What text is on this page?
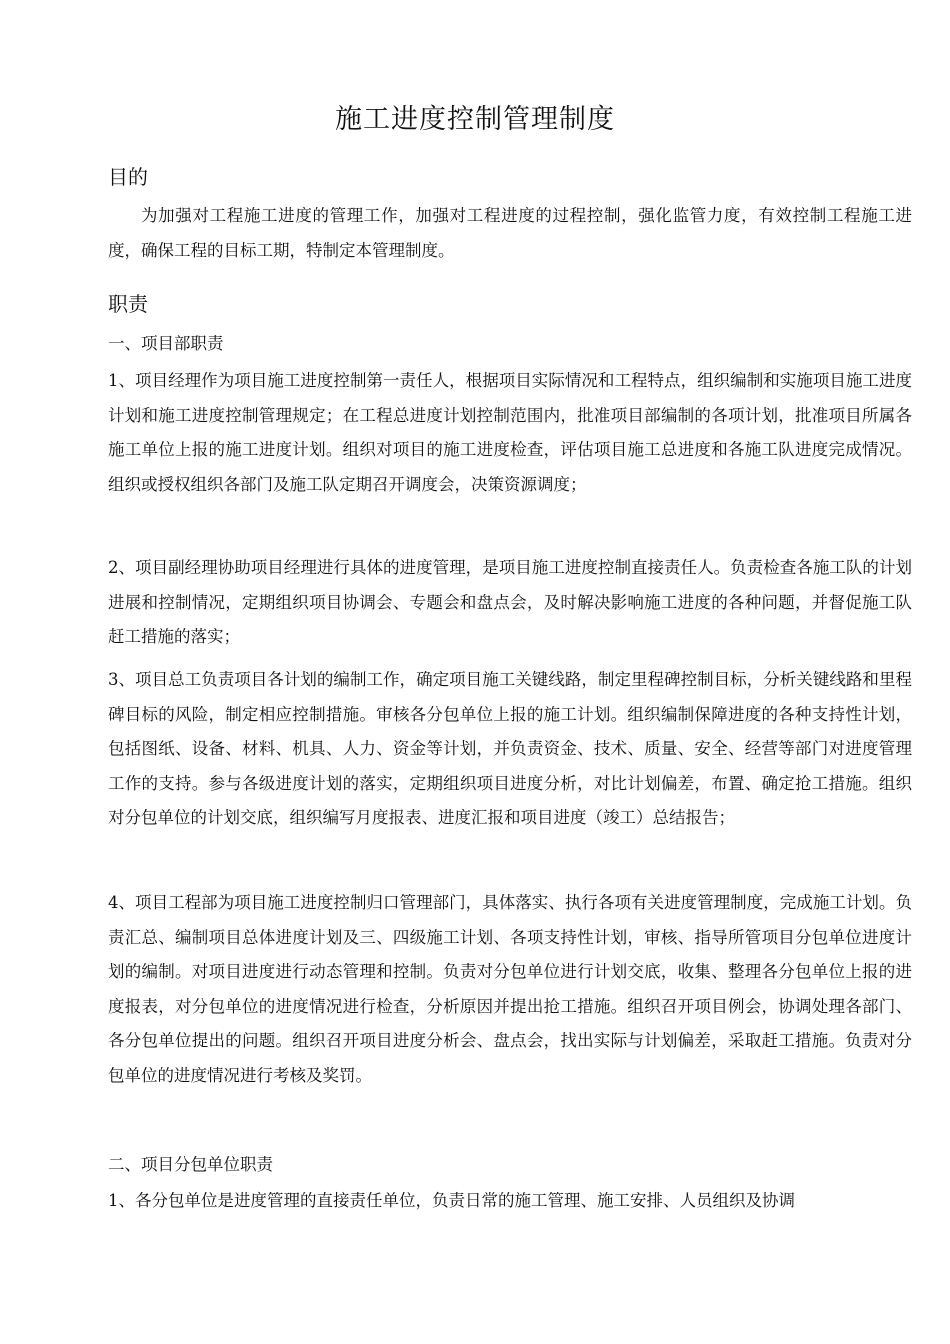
施工进度控制管理制度
目的
为加强对工程施工进度的管理工作，加强对工程进度的过程控制，强化监管力度，有效控制工程施工进度，确保工程的目标工期，特制定本管理制度。
职责
一、项目部职责
1、项目经理作为项目施工进度控制第一责任人，根据项目实际情况和工程特点，组织编制和实施项目施工进度计划和施工进度控制管理规定；在工程总进度计划控制范围内，批准项目部编制的各项计划，批准项目所属各施工单位上报的施工进度计划。组织对项目的施工进度检查，评估项目施工总进度和各施工队进度完成情况。组织或授权组织各部门及施工队定期召开调度会，决策资源调度；
2、项目副经理协助项目经理进行具体的进度管理，是项目施工进度控制直接责任人。负责检查各施工队的计划进展和控制情况，定期组织项目协调会、专题会和盘点会，及时解决影响施工进度的各种问题，并督促施工队赶工措施的落实；
3、项目总工负责项目各计划的编制工作，确定项目施工关键线路，制定里程碑控制目标，分析关键线路和里程碑目标的风险，制定相应控制措施。审核各分包单位上报的施工计划。组织编制保障进度的各种支持性计划，包括图纸、设备、材料、机具、人力、资金等计划，并负责资金、技术、质量、安全、经营等部门对进度管理工作的支持。参与各级进度计划的落实，定期组织项目进度分析，对比计划偏差，布置、确定抢工措施。组织对分包单位的计划交底，组织编写月度报表、进度汇报和项目进度（竣工）总结报告；
4、项目工程部为项目施工进度控制归口管理部门，具体落实、执行各项有关进度管理制度，完成施工计划。负责汇总、编制项目总体进度计划及三、四级施工计划、各项支持性计划，审核、指导所管项目分包单位进度计划的编制。对项目进度进行动态管理和控制。负责对分包单位进行计划交底，收集、整理各分包单位上报的进度报表，对分包单位的进度情况进行检查，分析原因并提出抢工措施。组织召开项目例会，协调处理各部门、各分包单位提出的问题。组织召开项目进度分析会、盘点会，找出实际与计划偏差，采取赶工措施。负责对分包单位的进度情况进行考核及奖罚。
二、项目分包单位职责
1、各分包单位是进度管理的直接责任单位，负责日常的施工管理、施工安排、人员组织及协调
